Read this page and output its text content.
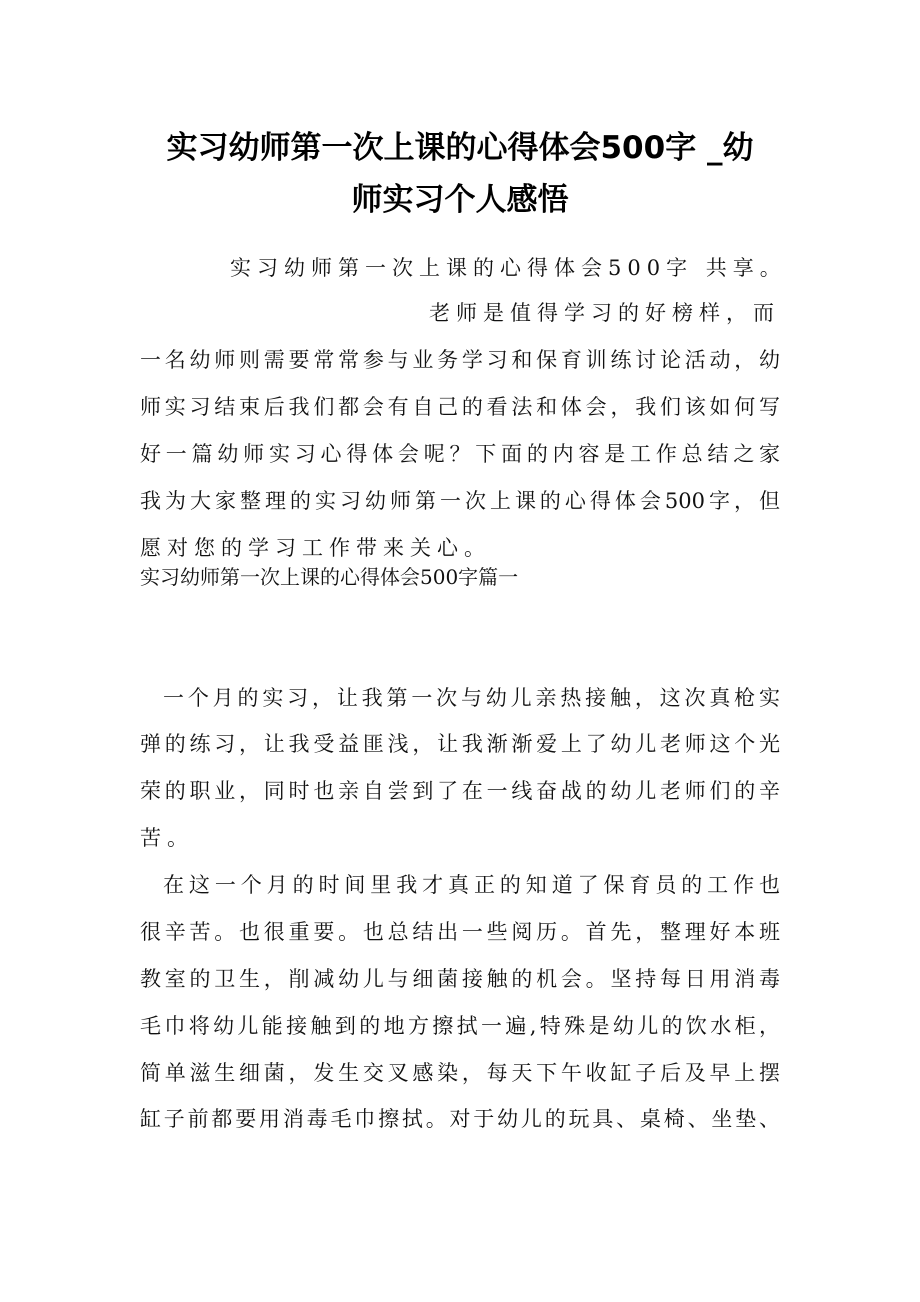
实习幼师第一次上课的心得体会500字 _幼
师实习个人感悟
实习幼师第一次上课的心得体会500字 共享。
老师是值得学习的好榜样，而
一名幼师则需要常常参与业务学习和保育训练讨论活动，幼
师实习结束后我们都会有自己的看法和体会，我们该如何写
好一篇幼师实习心得体会呢？下面的内容是工作总结之家
我为大家整理的实习幼师第一次上课的心得体会500字，但
愿对您的学习工作带来关心。
实习幼师第一次上课的心得体会500字篇一
一个月的实习，让我第一次与幼儿亲热接触，这次真枪实
弹的练习，让我受益匪浅，让我渐渐爱上了幼儿老师这个光
荣的职业，同时也亲自尝到了在一线奋战的幼儿老师们的辛
苦。
在这一个月的时间里我才真正的知道了保育员的工作也
很辛苦。也很重要。也总结出一些阅历。首先，整理好本班
教室的卫生，削减幼儿与细菌接触的机会。坚持每日用消毒
毛巾将幼儿能接触到的地方擦拭一遍,特殊是幼儿的饮水柜，
简单滋生细菌，发生交叉感染，每天下午收缸子后及早上摆
缸子前都要用消毒毛巾擦拭。对于幼儿的玩具、桌椅、坐垫、
